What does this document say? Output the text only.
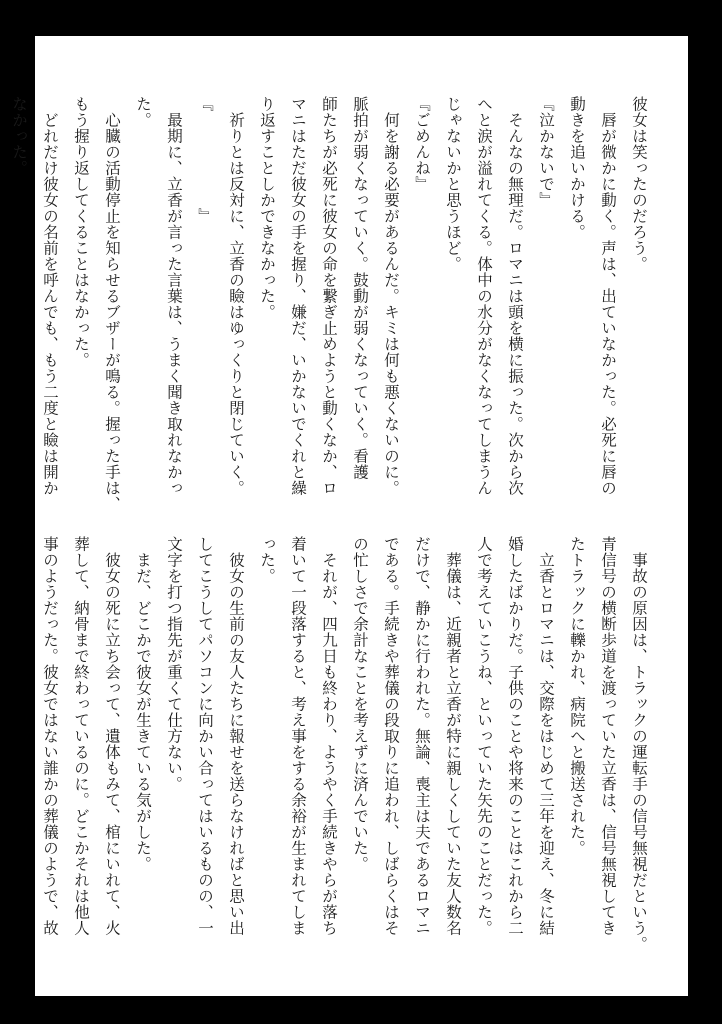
彼女は笑ったのだろう。
　唇が微かに動く。声は、出ていなかった。必死に唇の
動きを追いかける。
『泣かないで』
　そんなの無理だ。ロマニは頭を横に振った。次から次
へと涙が溢れてくる。体中の水分がなくなってしまうん
じゃないかと思うほど。
『ごめんね』
　何を謝る必要があるんだ。キミは何も悪くないのに。
脈拍が弱くなっていく。鼓動が弱くなっていく。看護
師たちが必死に彼女の命を繋ぎ止めようと動くなか、ロ
マニはただ彼女の手を握り、嫌だ、いかないでくれと繰
り返すことしかできなかった。
　祈りとは反対に、立香の瞼はゆっくりと閉じていく。
『　　　　　　』
　最期に、立香が言った言葉は、うまく聞き取れなかっ
た。
　心臓の活動停止を知らせるブザーが鳴る。握った手は、
もう握り返してくることはなかった。
　どれだけ彼女の名前を呼んでも、もう二度と瞼は開か
なかった。
　事故の原因は、トラックの運転手の信号無視だという。
青信号の横断歩道を渡っていた立香は、信号無視してき
たトラックに轢かれ、病院へと搬送された。
　立香とロマニは、交際をはじめて三年を迎え、冬に結
婚したばかりだ。子供のことや将来のことはこれから二
人で考えていこうね、といっていた矢先のことだった。
　葬儀は、近親者と立香が特に親しくしていた友人数名
だけで、静かに行われた。無論、喪主は夫であるロマニ
である。手続きや葬儀の段取りに追われ、しばらくはそ
の忙しさで余計なことを考えずに済んでいた。
　それが、四九日も終わり、ようやく手続きやらが落ち
着いて一段落すると、考え事をする余裕が生まれてしま
った。
　彼女の生前の友人たちに報せを送らなければと思い出
してこうしてパソコンに向かい合ってはいるものの、一
文字を打つ指先が重くて仕方ない。
　まだ、どこかで彼女が生きている気がした。
　彼女の死に立ち会って、遺体もみて、棺にいれて、火
葬して、納骨まで終わっているのに。どこかそれは他人
事のようだった。彼女ではない誰かの葬儀のようで、故
